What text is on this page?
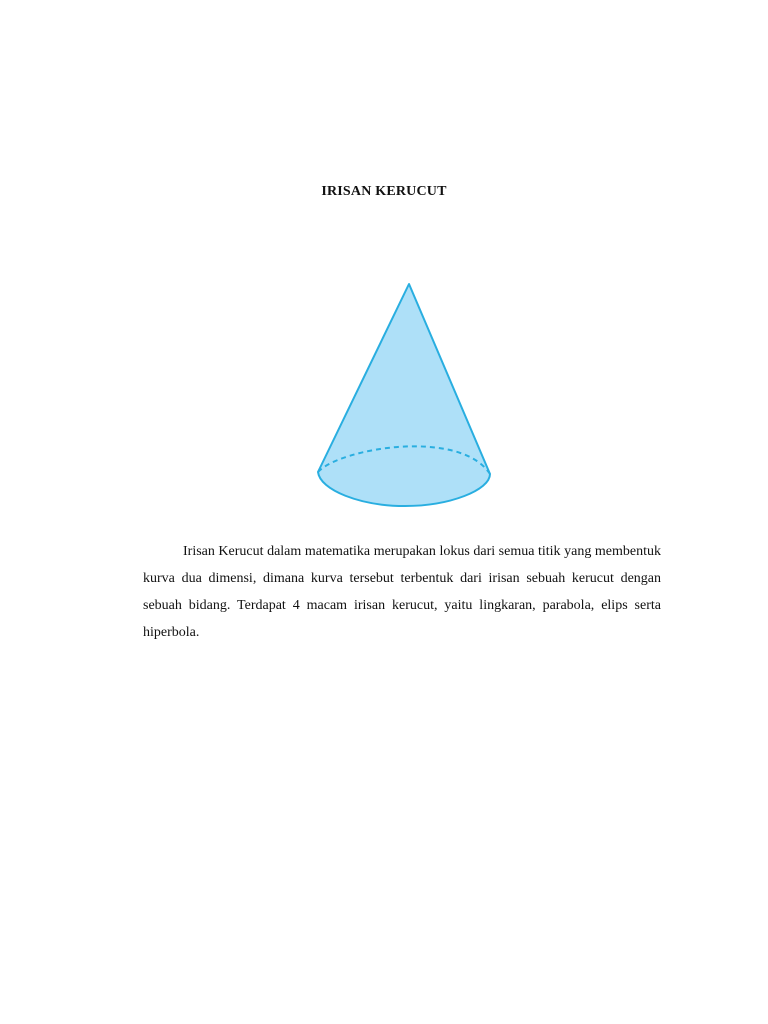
IRISAN KERUCUT

Irisan Kerucut dalam matematika merupakan lokus dari semua titik yang membentuk kurva dua dimensi, dimana kurva tersebut terbentuk dari irisan sebuah kerucut dengan sebuah bidang. Terdapat 4 macam irisan kerucut, yaitu lingkaran, parabola, elips serta hiperbola.
